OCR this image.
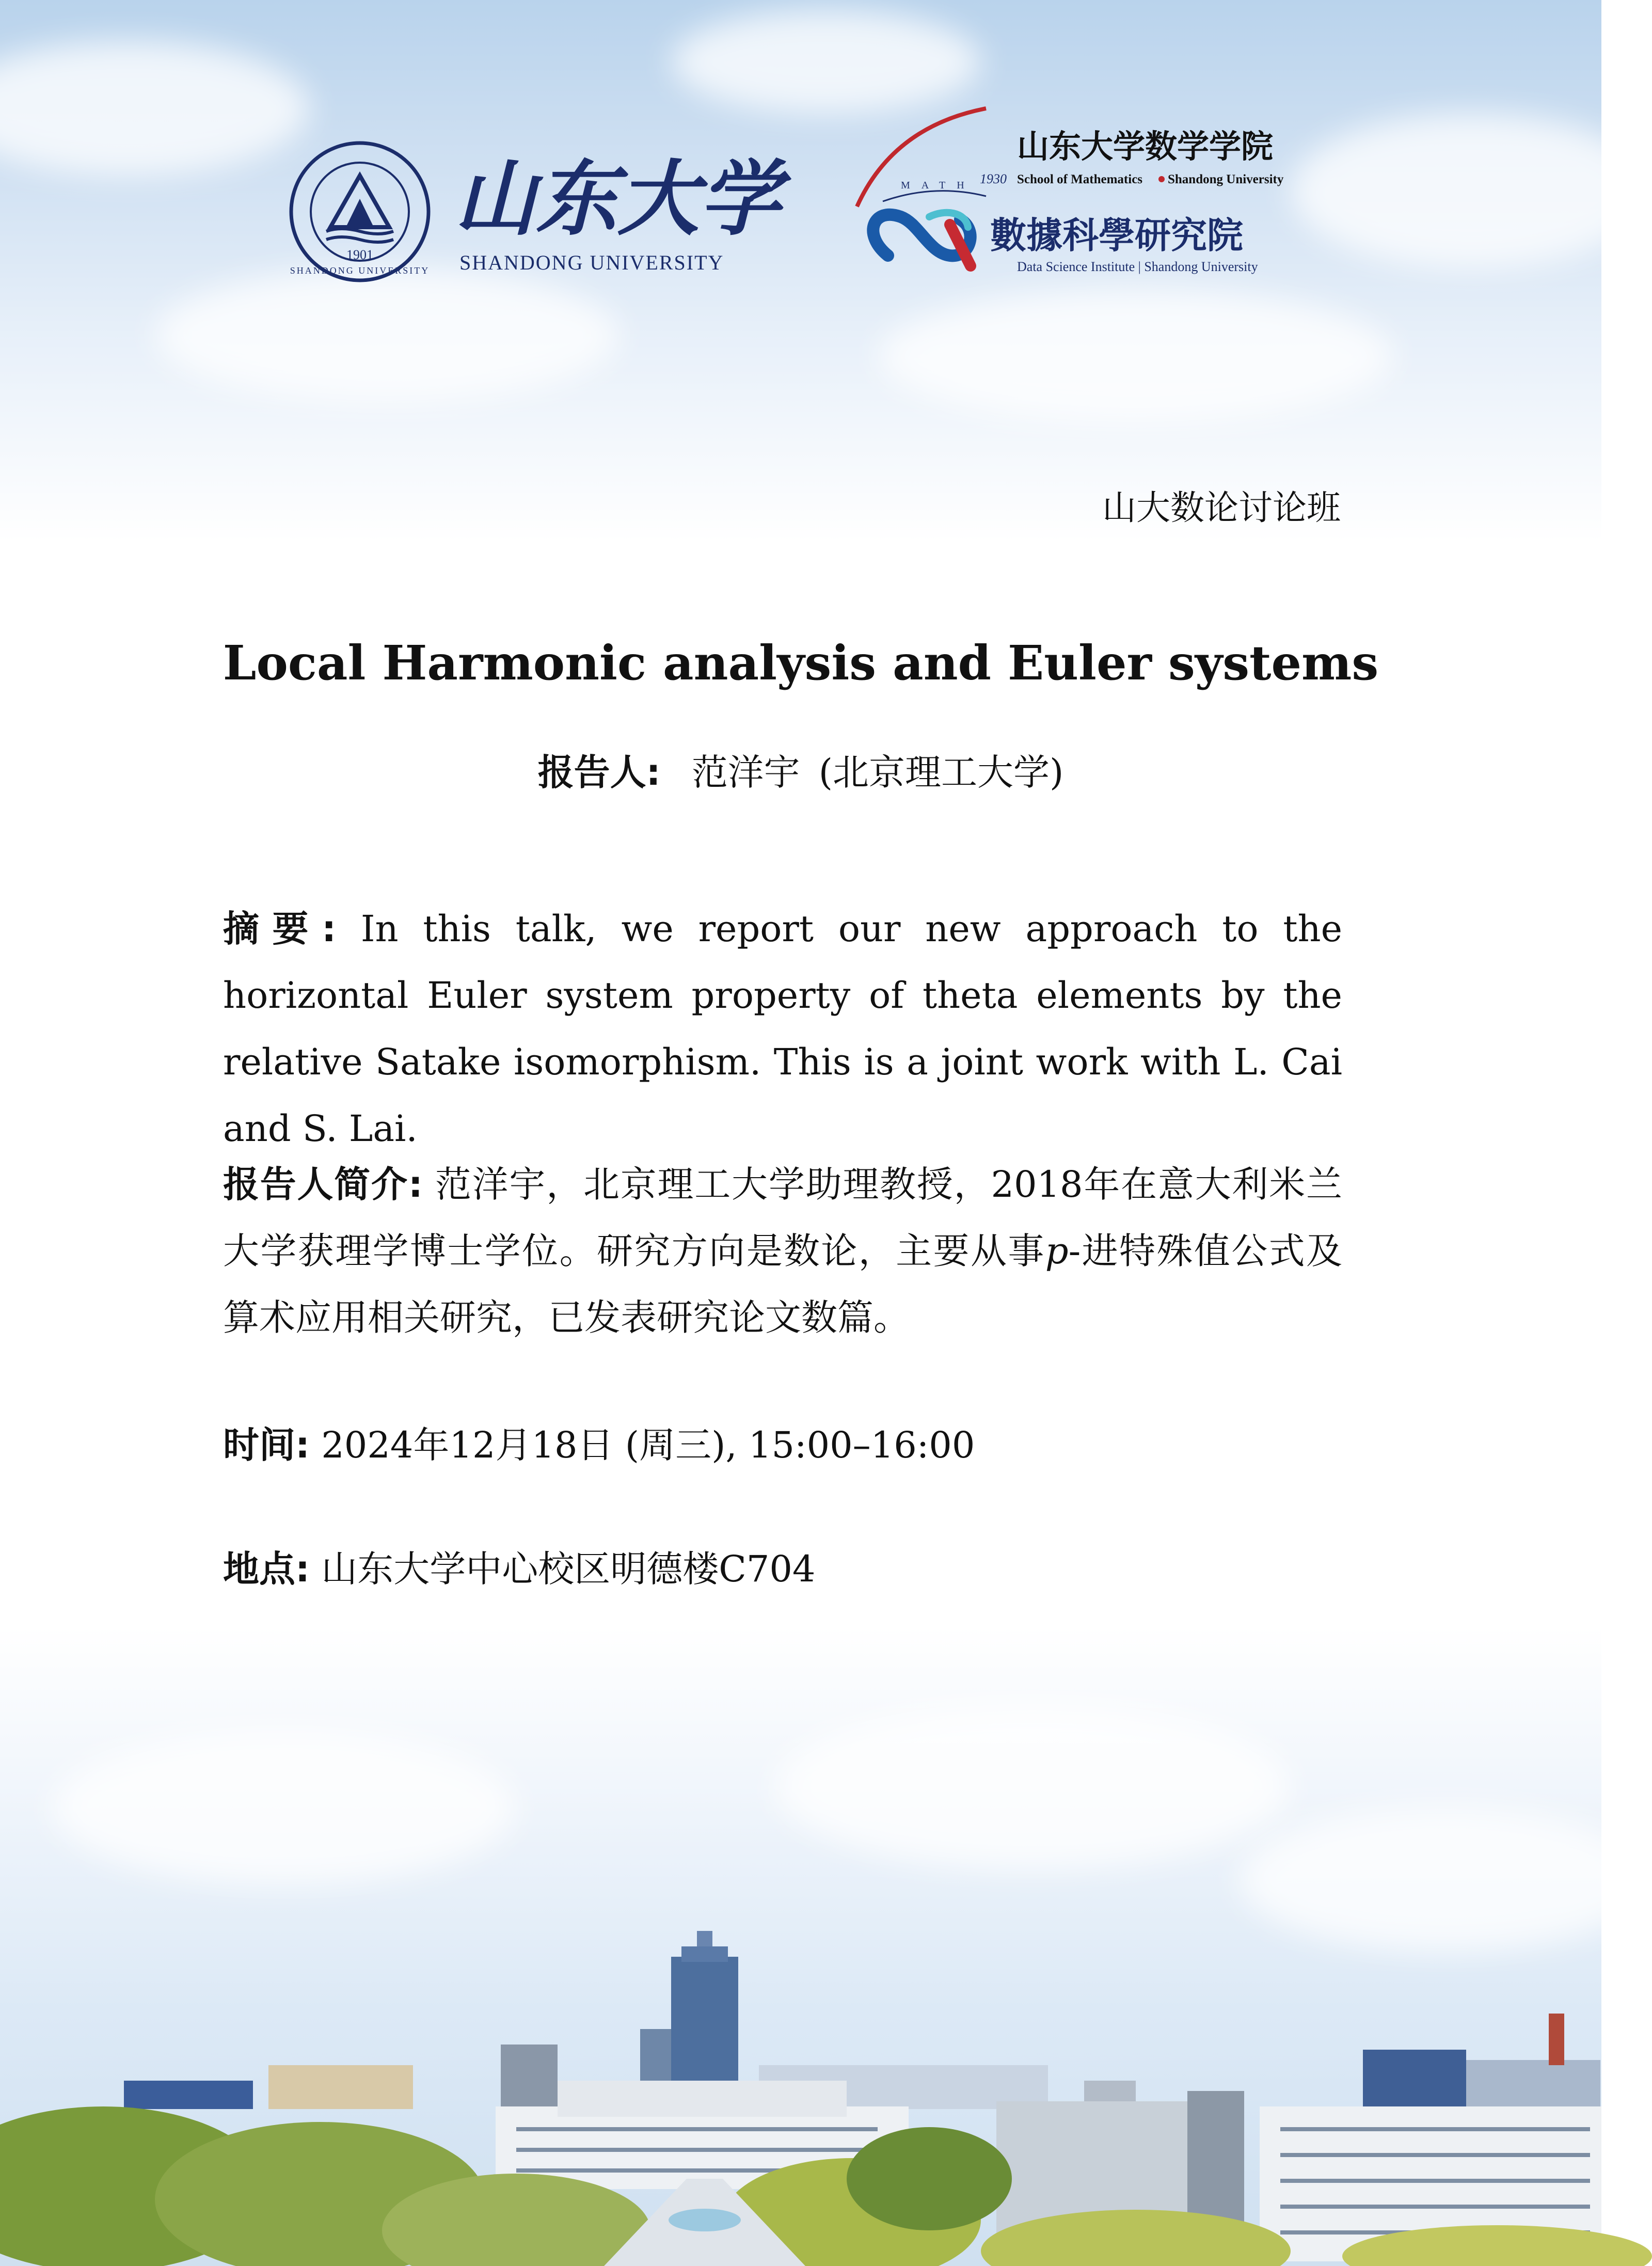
1901
SHANDONG UNIVERSITY
山东大学
SHANDONG UNIVERSITY
MATH 1930
山东大学数学学院
School of Mathematics Shandong University
數據科學研究院
Data Science Institute | Shandong University
山大数论讨论班
Local Harmonic analysis and Euler systems
报告人: 范洋宇 (北京理工大学)
摘要: In this talk, we report our new approach to the horizontal Euler system property of theta elements by the relative Satake isomorphism. This is a joint work with L. Cai and S. Lai.
报告人简介: 范洋宇，北京理工大学助理教授，2018年在意大利米兰大学获理学博士学位。研究方向是数论，主要从事p-进特殊值公式及算术应用相关研究，已发表研究论文数篇。
时间: 2024年12月18日 (周三), 15:00–16:00
地点: 山东大学中心校区明德楼C704
